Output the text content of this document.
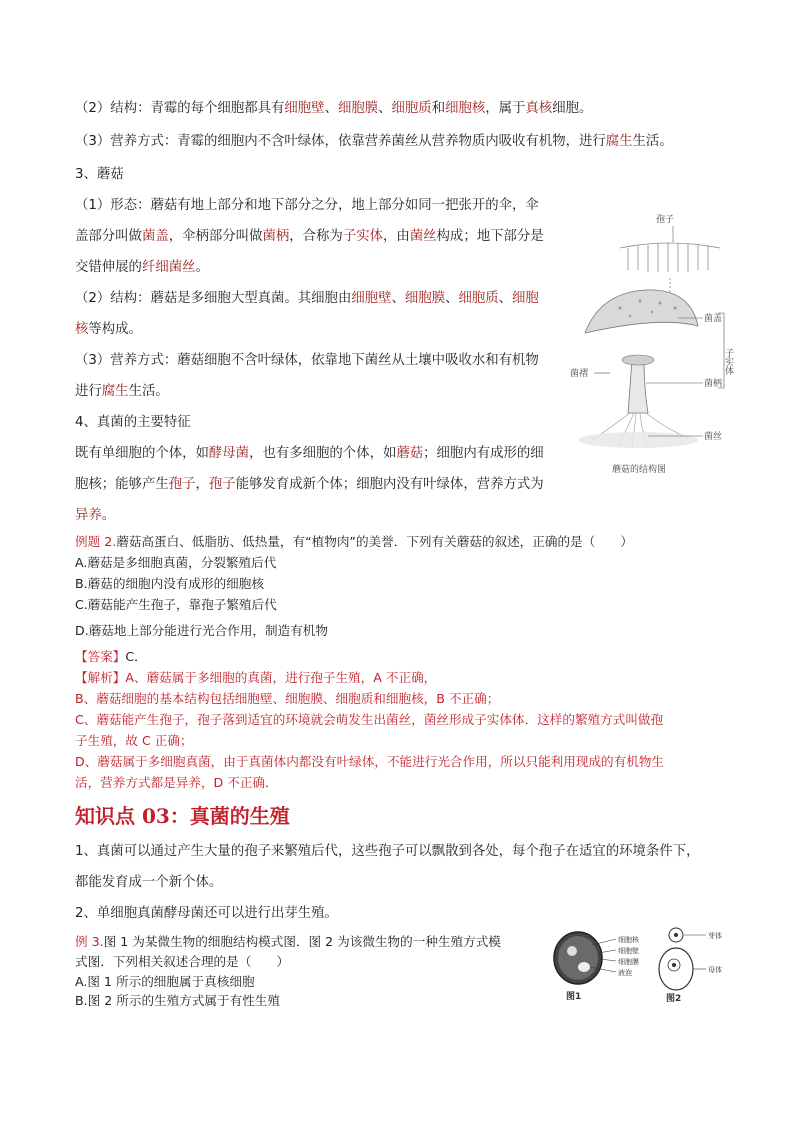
（2）结构：青霉的每个细胞都具有细胞壁、细胞膜、细胞质和细胞核，属于真核细胞。
（3）营养方式：青霉的细胞内不含叶绿体，依靠营养菌丝从营养物质内吸收有机物，进行腐生生活。
3、蘑菇
（1）形态：蘑菇有地上部分和地下部分之分，地上部分如同一把张开的伞，伞
盖部分叫做菌盖，伞柄部分叫做菌柄，合称为子实体，由菌丝构成；地下部分是
交错伸展的纤细菌丝。
（2）结构：蘑菇是多细胞大型真菌。其细胞由细胞壁、细胞膜、细胞质、细胞
核等构成。
（3）营养方式：蘑菇细胞不含叶绿体，依靠地下菌丝从土壤中吸收水和有机物
进行腐生生活。
4、真菌的主要特征
既有单细胞的个体，如酵母菌，也有多细胞的个体，如蘑菇；细胞内有成形的细
胞核；能够产生孢子，孢子能够发育成新个体；细胞内没有叶绿体，营养方式为
异养。
例题 2.蘑菇高蛋白、低脂肪、低热量，有“植物肉”的美誉．下列有关蘑菇的叙述，正确的是（　　）
A.蘑菇是多细胞真菌，分裂繁殖后代
B.蘑菇的细胞内没有成形的细胞核
C.蘑菇能产生孢子，靠孢子繁殖后代
D.蘑菇地上部分能进行光合作用，制造有机物
【答案】C．
【解析】A、蘑菇属于多细胞的真菌，进行孢子生殖，A 不正确，
B、蘑菇细胞的基本结构包括细胞壁、细胞膜、细胞质和细胞核，B 不正确；
C、蘑菇能产生孢子，孢子落到适宜的环境就会萌发生出菌丝，菌丝形成子实体体．这样的繁殖方式叫做孢
子生殖，故 C 正确；
D、蘑菇属于多细胞真菌，由于真菌体内都没有叶绿体，不能进行光合作用，所以只能利用现成的有机物生
活，营养方式都是异养，D 不正确．
1、真菌可以通过产生大量的孢子来繁殖后代，这些孢子可以飘散到各处，每个孢子在适宜的环境条件下，
都能发育成一个新个体。
2、单细胞真菌酵母菌还可以进行出芽生殖。
例 3.图 1 为某微生物的细胞结构模式图．图 2 为该微生物的一种生殖方式模
式图．下列相关叙述合理的是（　　）
A.图 1 所示的细胞属于真核细胞
B.图 2 所示的生殖方式属于有性生殖
知识点 03：真菌的生殖
孢子
菌盖
菌柄
菌丝
菌褶	子实体
蘑菇的结构图
细胞核
细胞壁
细胞膜
液泡
图1
芽体
母体
图2
